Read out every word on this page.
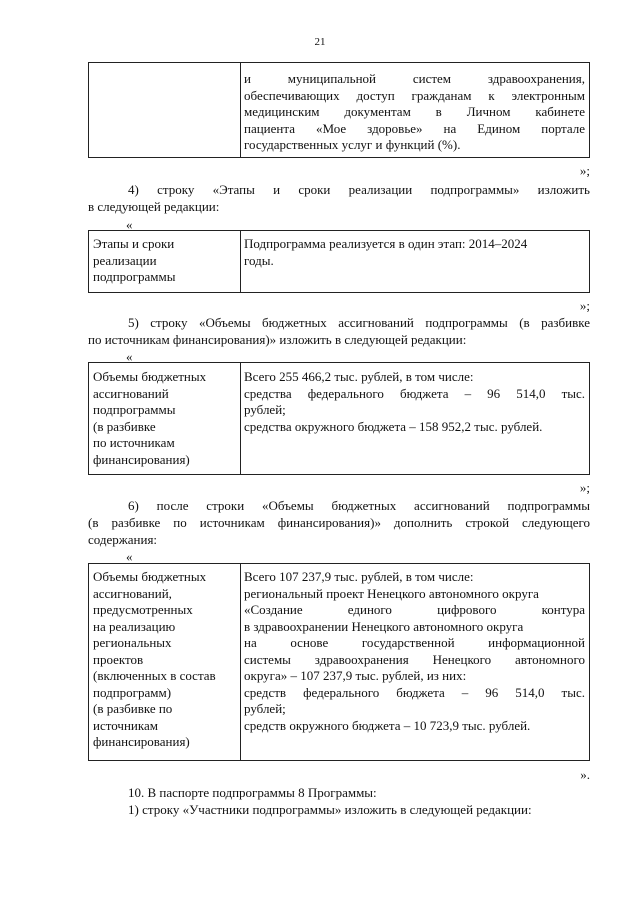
21
и муниципальной систем здравоохранения,
обеспечивающих доступ гражданам к электронным
медицинским документам в Личном кабинете
пациента «Мое здоровье» на Едином портале
государственных услуг и функций (%).
»;
4) строку «Этапы и сроки реализации подпрограммы» изложить
в следующей редакции:
«
Этапы и сроки
реализации
подпрограммы
Подпрограмма реализуется в один этап: 2014–2024
годы.
»;
5) строку «Объемы бюджетных ассигнований подпрограммы (в разбивке
по источникам финансирования)» изложить в следующей редакции:
«
Объемы бюджетных
ассигнований
подпрограммы
(в разбивке
по источникам
финансирования)
Всего 255 466,2 тыс. рублей, в том числе:
средства федерального бюджета – 96 514,0 тыс.
рублей;
средства окружного бюджета – 158 952,2 тыс. рублей.
»;
6) после строки «Объемы бюджетных ассигнований подпрограммы
(в разбивке по источникам финансирования)» дополнить строкой следующего
содержания:
«
Объемы бюджетных
ассигнований,
предусмотренных
на реализацию
региональных
проектов
(включенных в состав
подпрограмм)
(в разбивке по
источникам
финансирования)
Всего 107 237,9 тыс. рублей, в том числе:
региональный проект Ненецкого автономного округа
«Создание единого цифрового контура
в здравоохранении Ненецкого автономного округа
на основе государственной информационной
системы здравоохранения Ненецкого автономного
округа» – 107 237,9 тыс. рублей, из них:
средств федерального бюджета – 96 514,0 тыс.
рублей;
средств окружного бюджета – 10 723,9 тыс. рублей.
».
10. В паспорте подпрограммы 8 Программы:
1) строку «Участники подпрограммы» изложить в следующей редакции:
